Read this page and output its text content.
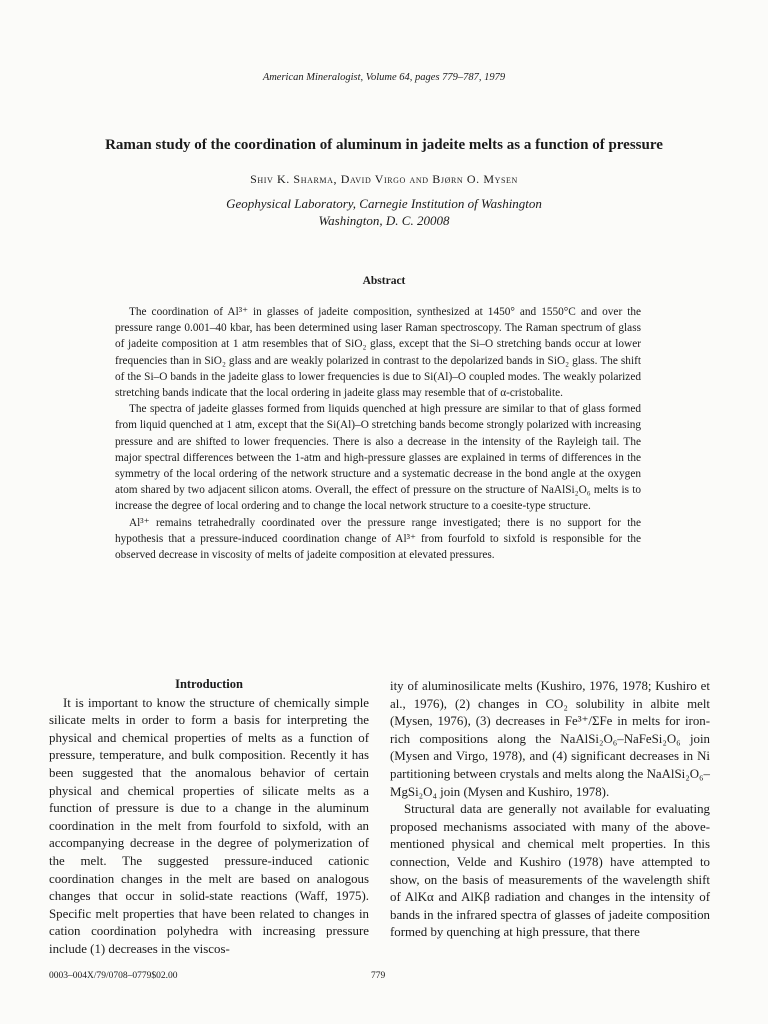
American Mineralogist, Volume 64, pages 779–787, 1979
Raman study of the coordination of aluminum in jadeite melts as a function of pressure
Shiv K. Sharma, David Virgo and Bjørn O. Mysen
Geophysical Laboratory, Carnegie Institution of Washington
Washington, D. C. 20008
Abstract

The coordination of Al³⁺ in glasses of jadeite composition, synthesized at 1450° and 1550°C and over the pressure range 0.001–40 kbar, has been determined using laser Raman spectroscopy. The Raman spectrum of glass of jadeite composition at 1 atm resembles that of SiO₂ glass, except that the Si–O stretching bands occur at lower frequencies than in SiO₂ glass and are weakly polarized in contrast to the depolarized bands in SiO₂ glass. The shift of the Si–O bands in the jadeite glass to lower frequencies is due to Si(Al)–O coupled modes. The weakly polarized stretching bands indicate that the local ordering in jadeite glass may resemble that of α-cristobalite.

The spectra of jadeite glasses formed from liquids quenched at high pressure are similar to that of glass formed from liquid quenched at 1 atm, except that the Si(Al)–O stretching bands become strongly polarized with increasing pressure and are shifted to lower frequencies. There is also a decrease in the intensity of the Rayleigh tail. The major spectral differences between the 1-atm and high-pressure glasses are explained in terms of differences in the symmetry of the local ordering of the network structure and a systematic decrease in the bond angle at the oxygen atom shared by two adjacent silicon atoms. Overall, the effect of pressure on the structure of NaAlSi₂O₆ melts is to increase the degree of local ordering and to change the local network structure to a coesite-type structure.

Al³⁺ remains tetrahedrally coordinated over the pressure range investigated; there is no support for the hypothesis that a pressure-induced coordination change of Al³⁺ from fourfold to sixfold is responsible for the observed decrease in viscosity of melts of jadeite composition at elevated pressures.

Introduction

It is important to know the structure of chemically simple silicate melts in order to form a basis for interpreting the physical and chemical properties of melts as a function of pressure, temperature, and bulk composition. Recently it has been suggested that the anomalous behavior of certain physical and chemical properties of silicate melts as a function of pressure is due to a change in the aluminum coordination in the melt from fourfold to sixfold, with an accompanying decrease in the degree of polymerization of the melt. The suggested pressure-induced cationic coordination changes in the melt are based on analogous changes that occur in solid-state reactions (Waff, 1975). Specific melt properties that have been related to changes in cation coordination polyhedra with increasing pressure include (1) decreases in the viscos-

ity of aluminosilicate melts (Kushiro, 1976, 1978; Kushiro et al., 1976), (2) changes in CO₂ solubility in albite melt (Mysen, 1976), (3) decreases in Fe³⁺/ΣFe in melts for iron-rich compositions along the NaAlSi₂O₆–NaFeSi₂O₆ join (Mysen and Virgo, 1978), and (4) significant decreases in Ni partitioning between crystals and melts along the NaAlSi₂O₆–MgSi₂O₄ join (Mysen and Kushiro, 1978).

Structural data are generally not available for evaluating proposed mechanisms associated with many of the above-mentioned physical and chemical melt properties. In this connection, Velde and Kushiro (1978) have attempted to show, on the basis of measurements of the wavelength shift of AlKα and AlKβ radiation and changes in the intensity of bands in the infrared spectra of glasses of jadeite composition formed by quenching at high pressure, that there

0003–004X/79/0708–0779$02.00	779
